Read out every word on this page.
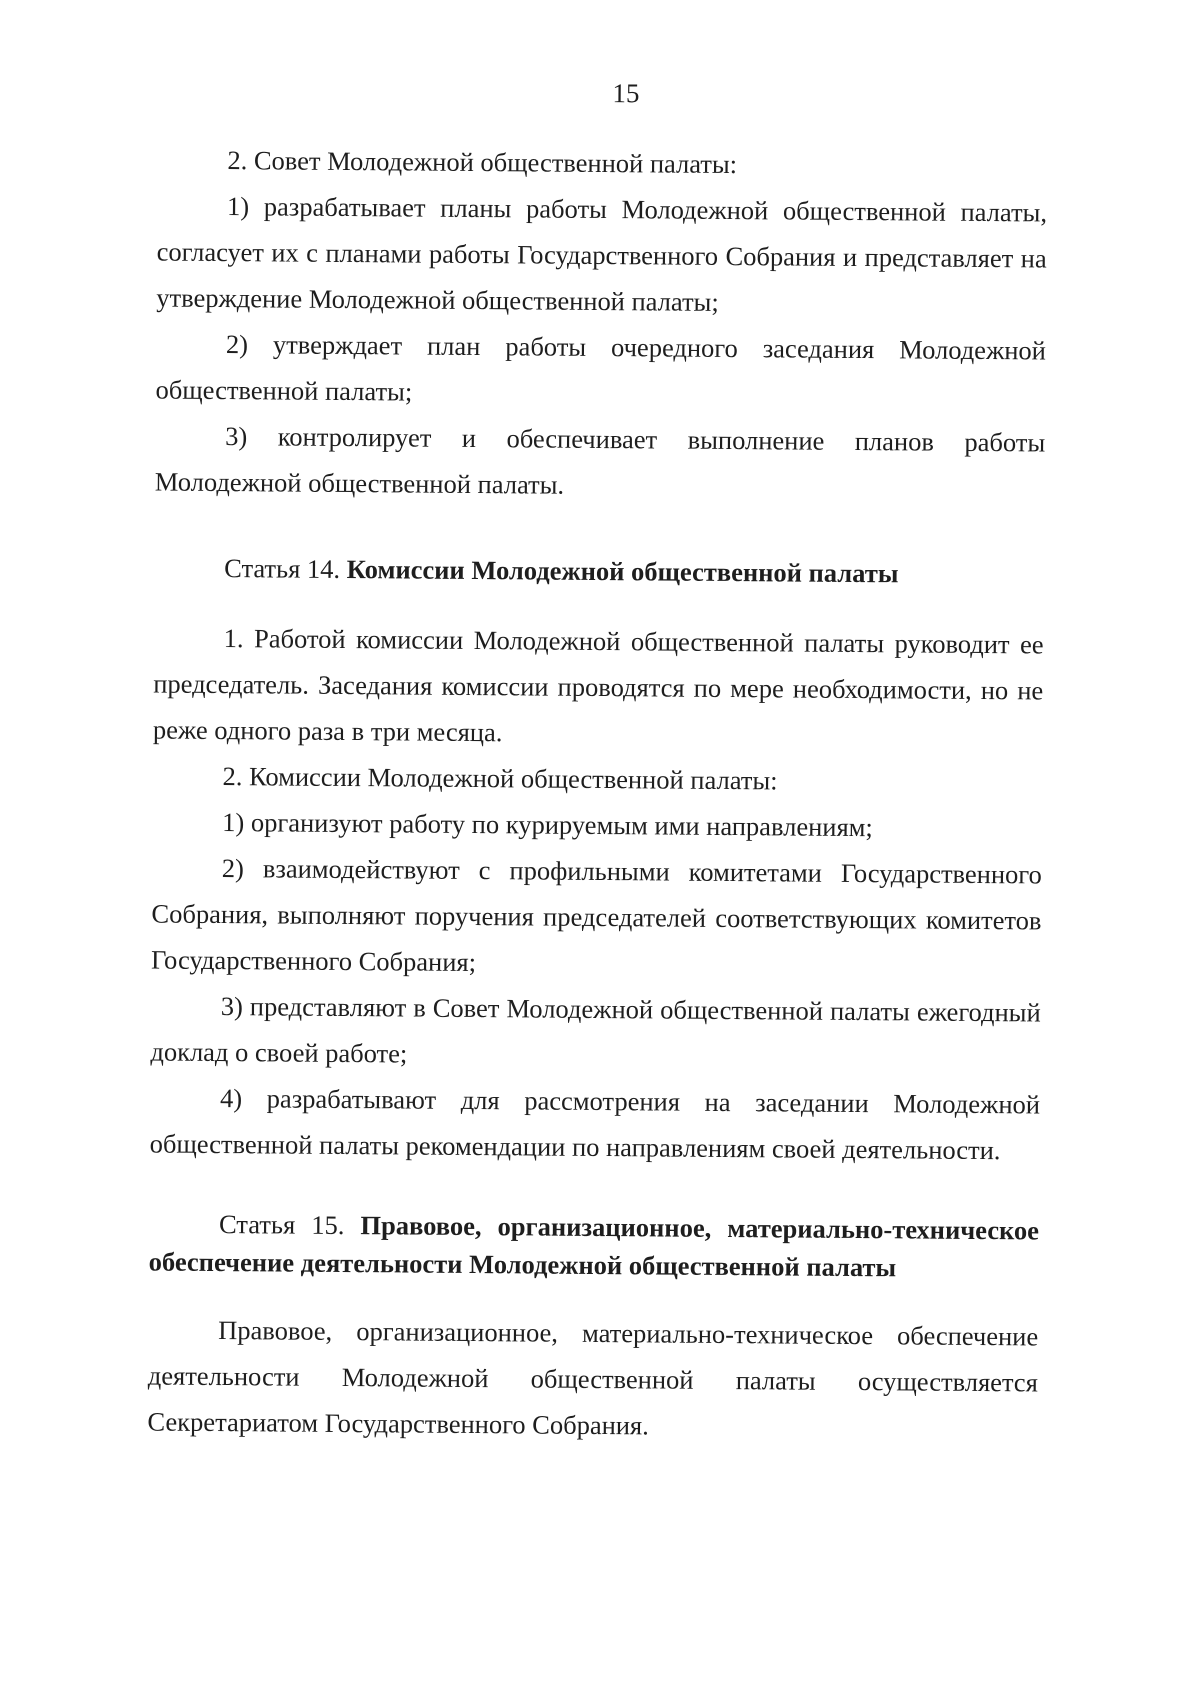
15

2. Совет Молодежной общественной палаты:

1) разрабатывает планы работы Молодежной общественной палаты, согласует их с планами работы Государственного Собрания и представляет на утверждение Молодежной общественной палаты;

2) утверждает план работы очередного заседания Молодежной общественной палаты;

3) контролирует и обеспечивает выполнение планов работы Молодежной общественной палаты.

Статья 14. Комиссии Молодежной общественной палаты

1. Работой комиссии Молодежной общественной палаты руководит ее председатель. Заседания комиссии проводятся по мере необходимости, но не реже одного раза в три месяца.

2. Комиссии Молодежной общественной палаты:

1) организуют работу по курируемым ими направлениям;

2) взаимодействуют с профильными комитетами Государственного Собрания, выполняют поручения председателей соответствующих комитетов Государственного Собрания;

3) представляют в Совет Молодежной общественной палаты ежегодный доклад о своей работе;

4) разрабатывают для рассмотрения на заседании Молодежной общественной палаты рекомендации по направлениям своей деятельности.

Статья 15. Правовое, организационное, материально-техническое обеспечение деятельности Молодежной общественной палаты

Правовое, организационное, материально-техническое обеспечение деятельности Молодежной общественной палаты осуществляется Секретариатом Государственного Собрания.
